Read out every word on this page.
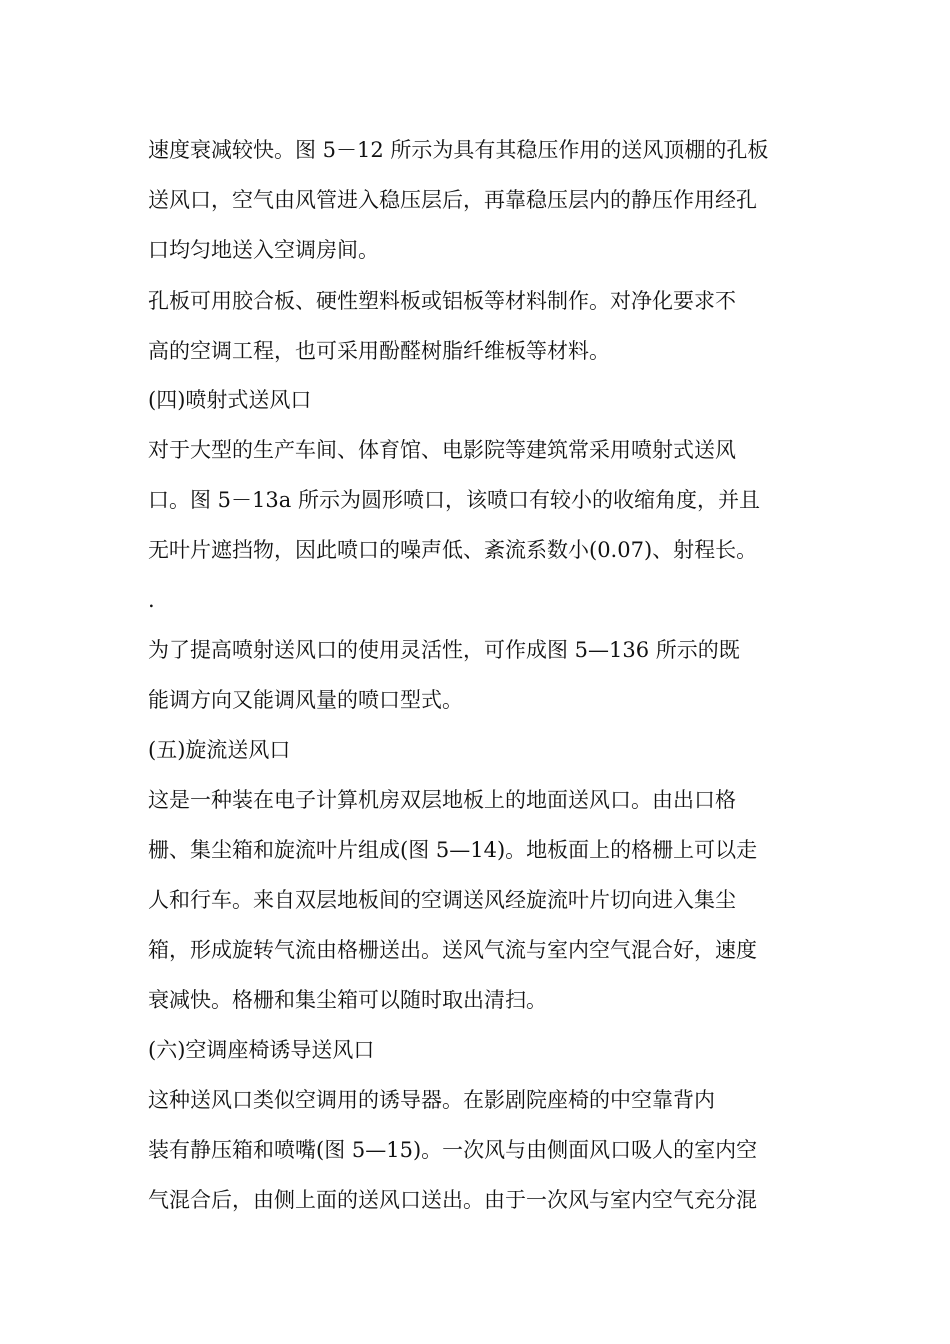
速度衰减较快。图 5－12 所示为具有其稳压作用的送风顶棚的孔板
送风口，空气由风管进入稳压层后，再靠稳压层内的静压作用经孔
口均匀地送入空调房间。
孔板可用胶合板、硬性塑料板或铝板等材料制作。对净化要求不
高的空调工程，也可采用酚醛树脂纤维板等材料。
(四)喷射式送风口
对于大型的生产车间、体育馆、电影院等建筑常采用喷射式送风
口。图 5－13a 所示为圆形喷口，该喷口有较小的收缩角度，并且
无叶片遮挡物，因此喷口的噪声低、紊流系数小(0.07)、射程长。
.
为了提高喷射送风口的使用灵活性，可作成图 5—136 所示的既
能调方向又能调风量的喷口型式。
(五)旋流送风口
这是一种装在电子计算机房双层地板上的地面送风口。由出口格
栅、集尘箱和旋流叶片组成(图 5—14)。地板面上的格栅上可以走
人和行车。来自双层地板间的空调送风经旋流叶片切向进入集尘
箱，形成旋转气流由格栅送出。送风气流与室内空气混合好，速度
衰减快。格栅和集尘箱可以随时取出清扫。
(六)空调座椅诱导送风口
这种送风口类似空调用的诱导器。在影剧院座椅的中空靠背内
装有静压箱和喷嘴(图 5—15)。一次风与由侧面风口吸人的室内空
气混合后，由侧上面的送风口送出。由于一次风与室内空气充分混
